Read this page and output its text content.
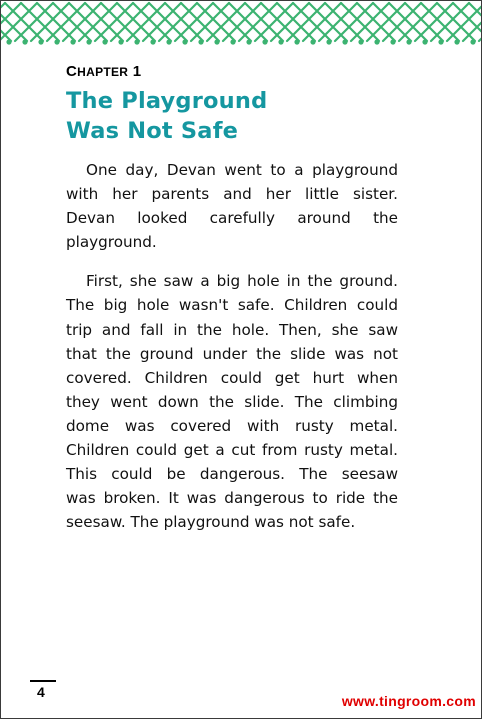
CHAPTER 1
The Playground
Was Not Safe
One day, Devan went to a playground
with her parents and her little sister.
Devan looked carefully around the
playground.
First, she saw a big hole in the ground.
The big hole wasn't safe. Children could
trip and fall in the hole. Then, she saw
that the ground under the slide was not
covered. Children could get hurt when
they went down the slide. The climbing
dome was covered with rusty metal.
Children could get a cut from rusty metal.
This could be dangerous. The seesaw
was broken. It was dangerous to ride the
seesaw. The playground was not safe.
4
www.tingroom.com
